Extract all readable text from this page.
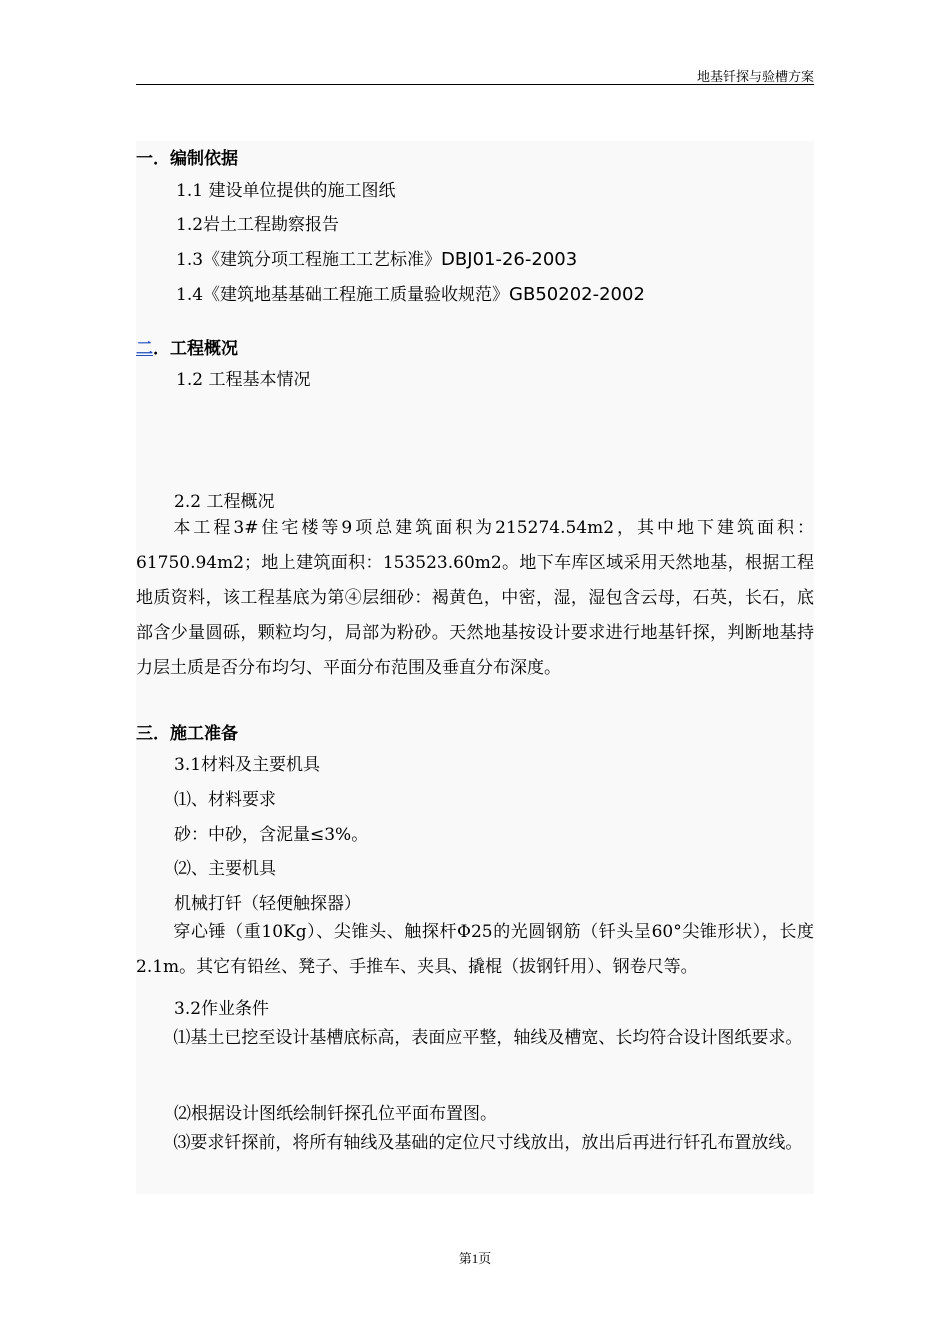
地基钎探与验槽方案
一．编制依据
1.1 建设单位提供的施工图纸
1.2岩土工程勘察报告
1.3《建筑分项工程施工工艺标准》DBJ01-26-2003
1.4《建筑地基基础工程施工质量验收规范》GB50202-2002
二．工程概况
1.2 工程基本情况
2.2 工程概况
本工程3#住宅楼等9项总建筑面积为215274.54m2，其中地下建筑面积：61750.94m2；地上建筑面积：153523.60m2。地下车库区域采用天然地基，根据工程地质资料，该工程基底为第④层细砂：褐黄色，中密，湿，湿包含云母，石英，长石，底部含少量圆砾，颗粒均匀，局部为粉砂。天然地基按设计要求进行地基钎探，判断地基持力层土质是否分布均匀、平面分布范围及垂直分布深度。
三．施工准备
3.1材料及主要机具
⑴、材料要求
砂：中砂，含泥量≤3%。
⑵、主要机具
机械打钎（轻便触探器）
穿心锤（重10Kg）、尖锥头、触探杆Φ25的光圆钢筋（钎头呈60°尖锥形状），长度2.1m。其它有铅丝、凳子、手推车、夹具、撬棍（拔钢钎用）、钢卷尺等。
3.2作业条件
⑴基土已挖至设计基槽底标高，表面应平整，轴线及槽宽、长均符合设计图纸要求。
⑵根据设计图纸绘制钎探孔位平面布置图。
⑶要求钎探前，将所有轴线及基础的定位尺寸线放出，放出后再进行钎孔布置放线。
第1页
